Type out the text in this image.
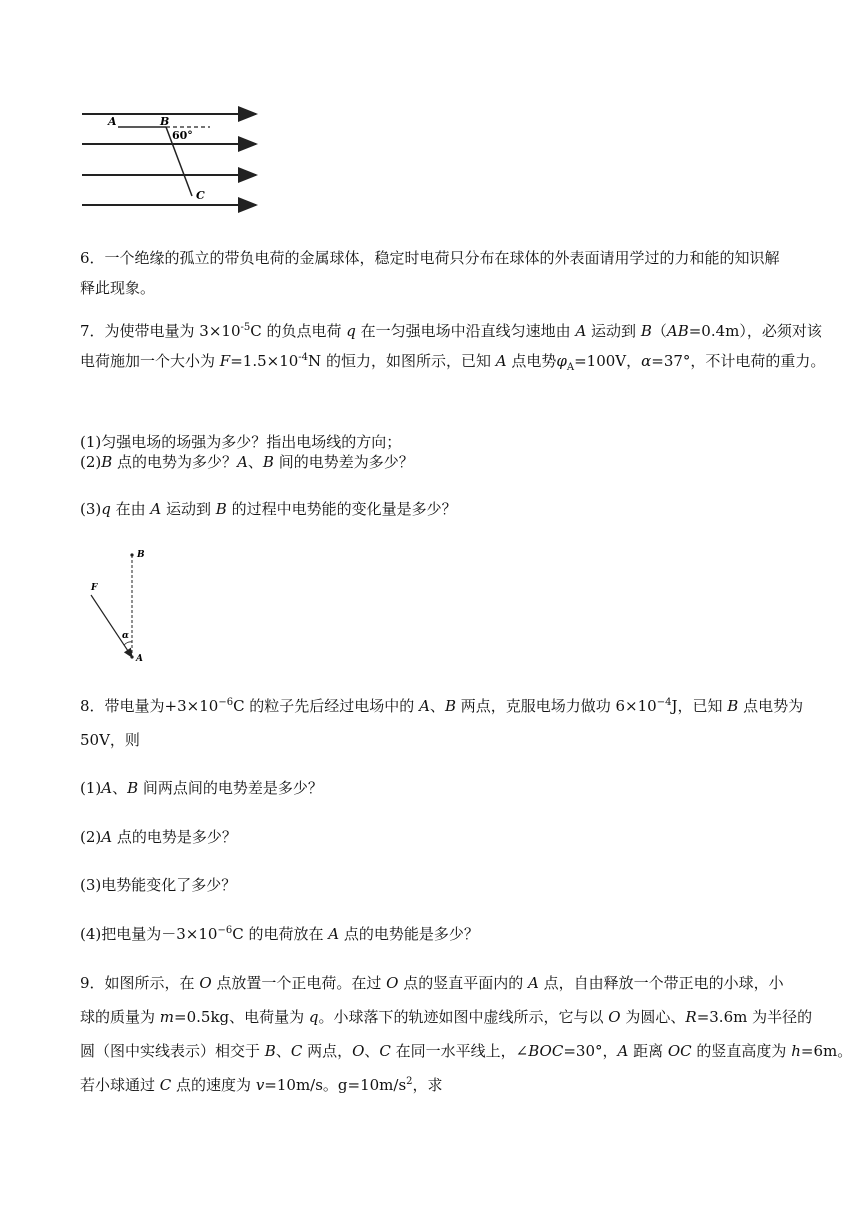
A	B
60°
C

6．一个绝缘的孤立的带负电荷的金属球体，稳定时电荷只分布在球体的外表面请用学过的力和能的知识解
释此现象。

7．为使带电量为 $3\times 10^{-5}C$ 的负点电荷 q 在一匀强电场中沿直线匀速地由 A 运动到 B（AB=0.4m），必须对该
电荷施加一个大小为 $F=1.5\times 10^{-4}N$ 的恒力，如图所示，已知 A 点电势$\varphi_A=100V$，α=37°，不计电荷的重力。

(1)匀强电场的场强为多少？指出电场线的方向；

(2)B 点的电势为多少？A、B 间的电势差为多少？

(3)q 在由 A 运动到 B 的过程中电势能的变化量是多少？

B
F
α
A

8．带电量为$+3\times 10^{-6}C$ 的粒子先后经过电场中的 A、B 两点，克服电场力做功 $6\times 10^{-4}J$，已知 B 点电势为
50V，则

(1)A、B 间两点间的电势差是多少？

(2)A 点的电势是多少？

(3)电势能变化了多少？

(4)把电量为$-3\times 10^{-6}C$ 的电荷放在 A 点的电势能是多少？

9．如图所示，在 O 点放置一个正电荷。在过 O 点的竖直平面内的 A 点，自由释放一个带正电的小球，小
球的质量为 m=0.5kg、电荷量为 q。小球落下的轨迹如图中虚线所示，它与以 O 为圆心、R=3.6m 为半径的
圆（图中实线表示）相交于 B、C 两点，O、C 在同一水平线上，∠BOC=30°，A 距离 OC 的竖直高度为 h=6m。
若小球通过 C 点的速度为 v=10m/s。$g=10m/s^2$，求
